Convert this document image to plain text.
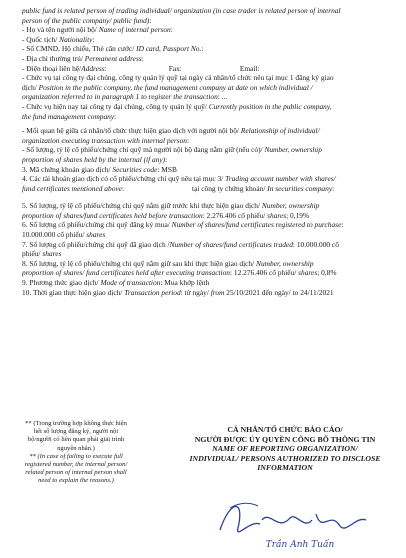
public fund is related person of trading individual/ organization (in case trader is related person of internal
person of the public company/ public fund):
- Họ và tên người nội bộ/ Name of internal person:
- Quốc tịch/ Nationality:
- Số CMND, Hộ chiếu, Thẻ căn cước/ ID card, Passport No.:
- Địa chỉ thường trú/ Permanent address:
- Điện thoại liên hệ/Address:	Fax:	Email:
- Chức vụ tại công ty đại chúng, công ty quản lý quỹ tại ngày cá nhân/tổ chức nêu tại mục 1 đăng ký giao
dịch/ Position in the public company, the fund management company at date on which individual /
organization referred to in paragraph 1 to register the transaction: ...
- Chức vụ hiện nay tại công ty đại chúng, công ty quản lý quỹ/ Currently position in the public company,
the fund management company:
- Mối quan hệ giữa cá nhân/tổ chức thực hiện giao dịch với người nội bộ/ Relationship of individual/
organization executing transaction with internal person:
- Số lượng, tỷ lệ cổ phiếu/chứng chỉ quỹ mà người nội bộ đang nắm giữ (nếu có)/ Number, ownership
proportion of shares held by the internal (if any):
3. Mã chứng khoán giao dịch/ Securities code: MSB
4. Các tài khoản giao dịch có cổ phiếu/chứng chỉ quỹ nêu tại mục 3/ Trading account number with shares/
fund certificates mentioned above:	tại công ty chứng khoán/ In securities company:
5. Số lượng, tỷ lệ cổ phiếu/chứng chỉ quỹ nắm giữ trước khi thực hiện giao dịch/ Number, ownership
proportion of shares/fund certificates held before transaction: 2.276.406 cổ phiếu/ shares; 0,19%
6. Số lượng cổ phiếu/chứng chỉ quỹ đăng ký mua/ Number of shares/fund certificates registered to purchase:
10.000.000 cổ phiếu/ shares
7. Số lượng cổ phiếu/chứng chỉ quỹ đã giao dịch /Number of shares/fund certificates traded: 10.000.000 cổ
phiếu/ shares
8. Số lượng, tỷ lệ cổ phiếu/chứng chỉ quỹ nắm giữ sau khi thực hiện giao dịch/ Number, ownership
proportion of shares/ fund certificates held after executing transaction: 12.276.406 cổ phiếu/ shares; 0,8%
9. Phương thức giao dịch/ Mode of transaction: Mua khớp lệnh
10. Thời gian thực hiện giao dịch/ Transaction period: từ ngày/ from 25/10/2021 đến ngày/ to 24/11/2021
** (Trong trường hợp không thực hiện hết số lượng đăng ký, người nội bộ/người có liên quan phải giải trình nguyên nhân.)
** (In case of failing to execute full registered number, the internal person/ related person of internal person shall need to explain the reasons.)
CÁ NHÂN/TỔ CHỨC BÁO CÁO/
NGƯỜI ĐƯỢC ỦY QUYỀN CÔNG BỐ THÔNG TIN
NAME OF REPORTING ORGANIZATION/
INDIVIDUAL/ PERSONS AUTHORIZED TO DISCLOSE
INFORMATION
Trần Anh Tuấn
